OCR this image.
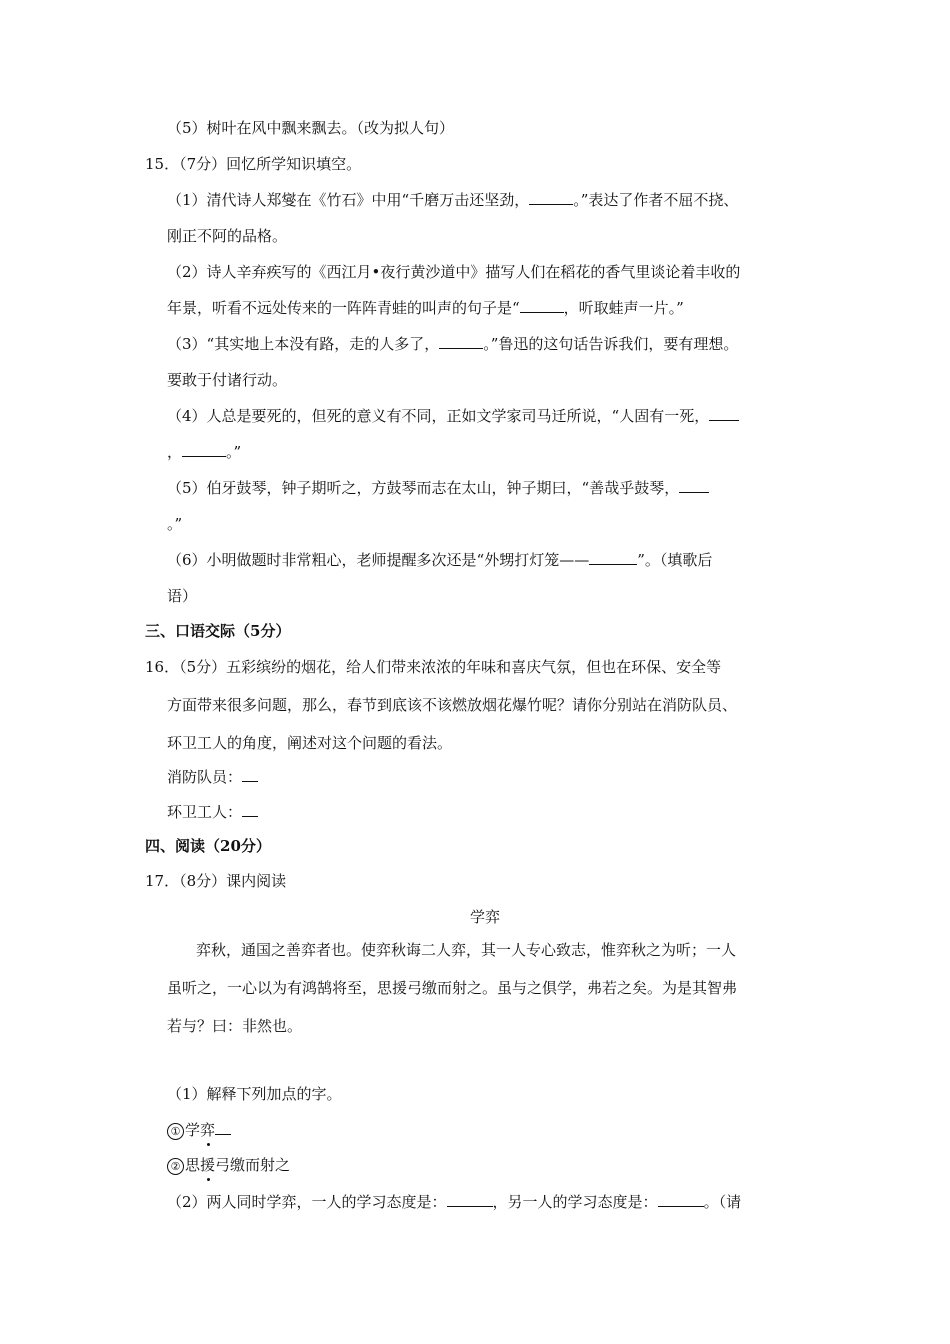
（5）树叶在风中飘来飘去。（改为拟人句）
15．（7分）回忆所学知识填空。
（1）清代诗人郑燮在《竹石》中用“千磨万击还坚劲，	。”表达了作者不屈不挠、
刚正不阿的品格。
（2）诗人辛弃疾写的《西江月•夜行黄沙道中》描写人们在稻花的香气里谈论着丰收的
年景，听看不远处传来的一阵阵青蛙的叫声的句子是“	，听取蛙声一片。”
（3）“其实地上本没有路，走的人多了，	。”鲁迅的这句话告诉我们，要有理想。
要敢于付诸行动。
（4）人总是要死的，但死的意义有不同，正如文学家司马迁所说，“人固有一死，
，	。”
（5）伯牙鼓琴，钟子期听之，方鼓琴而志在太山，钟子期曰，“善哉乎鼓琴，
。”
（6）小明做题时非常粗心，老师提醒多次还是“外甥打灯笼——	”。（填歌后
语）
三、口语交际（5分）
16．（5分）五彩缤纷的烟花，给人们带来浓浓的年味和喜庆气氛，但也在环保、安全等
方面带来很多问题，那么，春节到底该不该燃放烟花爆竹呢？请你分别站在消防队员、
环卫工人的角度，阐述对这个问题的看法。
消防队员：
环卫工人：
四、阅读（20分）
17．（8分）课内阅读
学弈
弈秋，通国之善弈者也。使弈秋诲二人弈，其一人专心致志，惟弈秋之为听；一人
虽听之，一心以为有鸿鹄将至，思援弓缴而射之。虽与之俱学，弗若之矣。为是其智弗
若与？曰：非然也。
（1）解释下列加点的字。
① 学弈
② 思援弓缴而射之
（2）两人同时学弈，一人的学习态度是：	，另一人的学习态度是：	。（请
